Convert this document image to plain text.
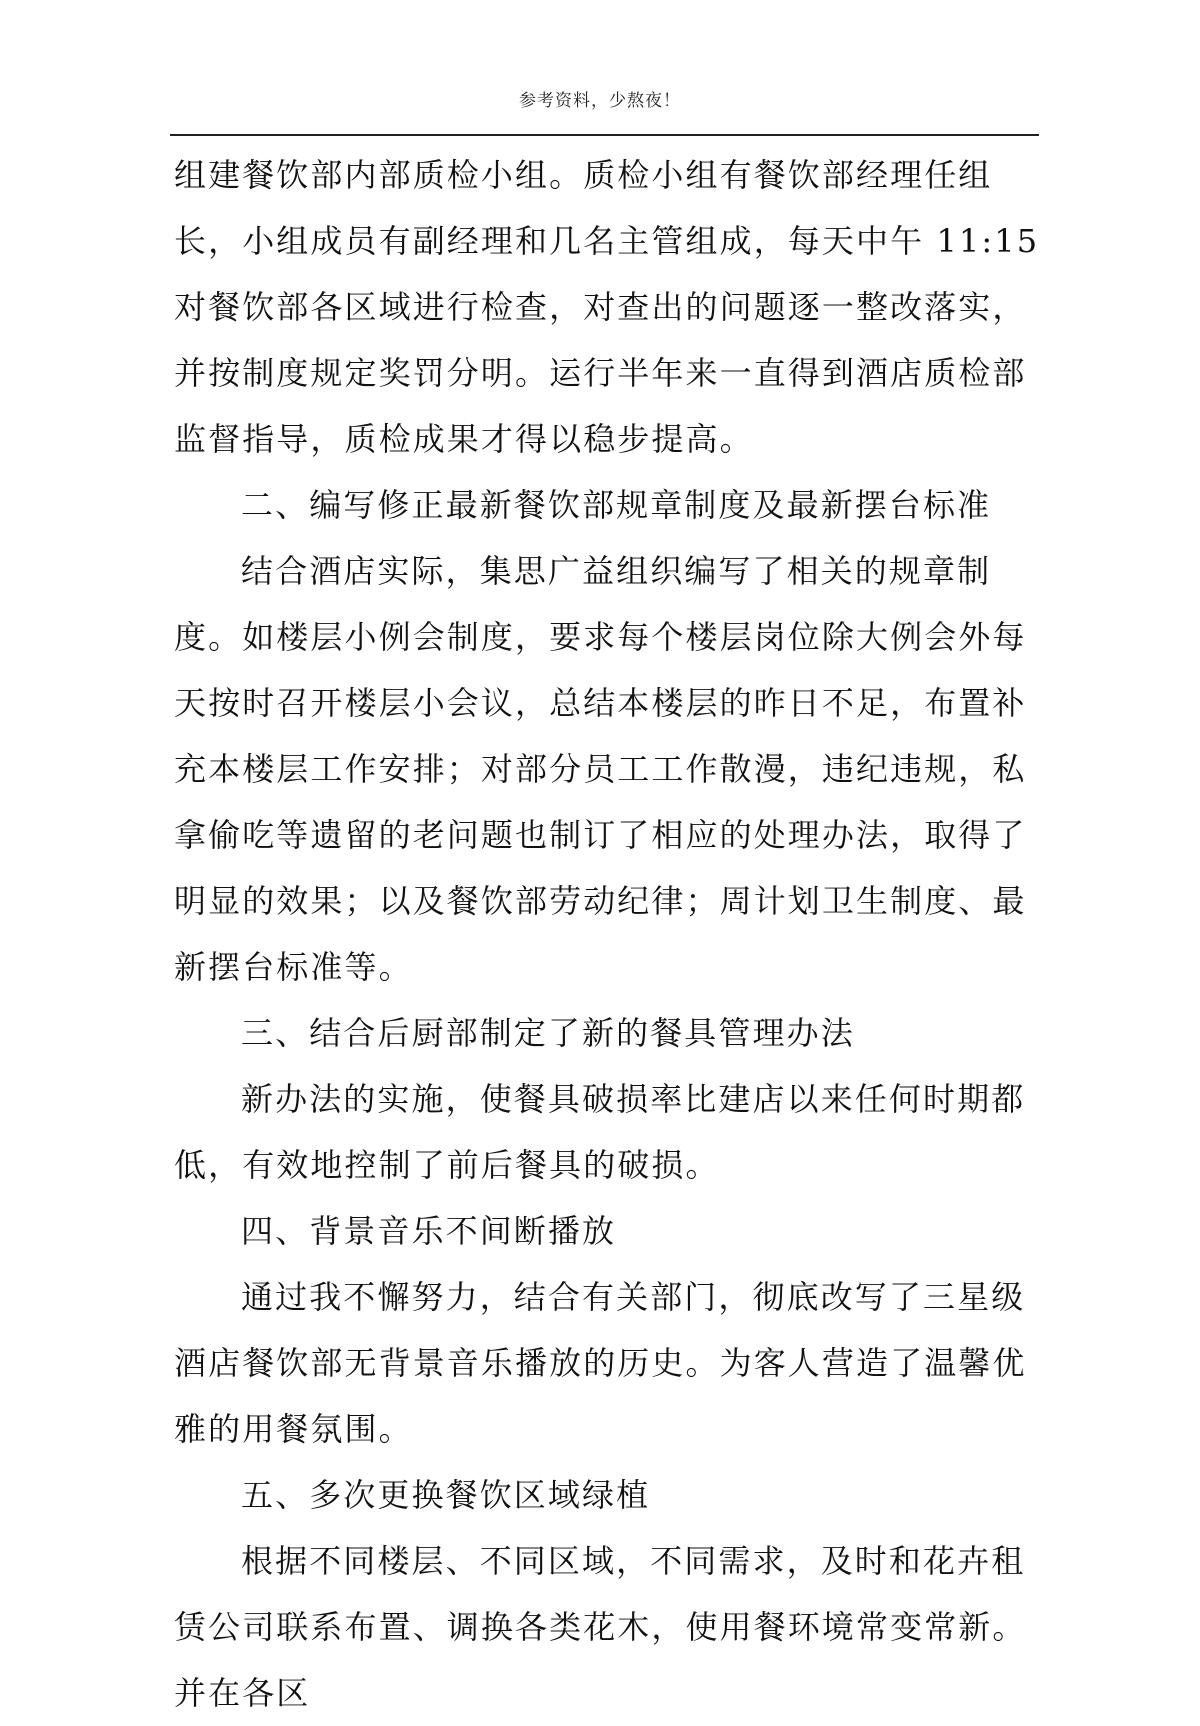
参考资料，少熬夜！

组建餐饮部内部质检小组。质检小组有餐饮部经理任组长，小组成员有副经理和几名主管组成，每天中午 11:15 对餐饮部各区域进行检查，对查出的问题逐一整改落实，并按制度规定奖罚分明。运行半年来一直得到酒店质检部监督指导，质检成果才得以稳步提高。

二、编写修正最新餐饮部规章制度及最新摆台标准

结合酒店实际，集思广益组织编写了相关的规章制度。如楼层小例会制度，要求每个楼层岗位除大例会外每天按时召开楼层小会议，总结本楼层的昨日不足，布置补充本楼层工作安排；对部分员工工作散漫，违纪违规，私拿偷吃等遗留的老问题也制订了相应的处理办法，取得了明显的效果；以及餐饮部劳动纪律；周计划卫生制度、最新摆台标准等。

三、结合后厨部制定了新的餐具管理办法

新办法的实施，使餐具破损率比建店以来任何时期都低，有效地控制了前后餐具的破损。

四、背景音乐不间断播放

通过我不懈努力，结合有关部门，彻底改写了三星级酒店餐饮部无背景音乐播放的历史。为客人营造了温馨优雅的用餐氛围。

五、多次更换餐饮区域绿植

根据不同楼层、不同区域，不同需求，及时和花卉租赁公司联系布置、调换各类花木，使用餐环境常变常新。并在各区
